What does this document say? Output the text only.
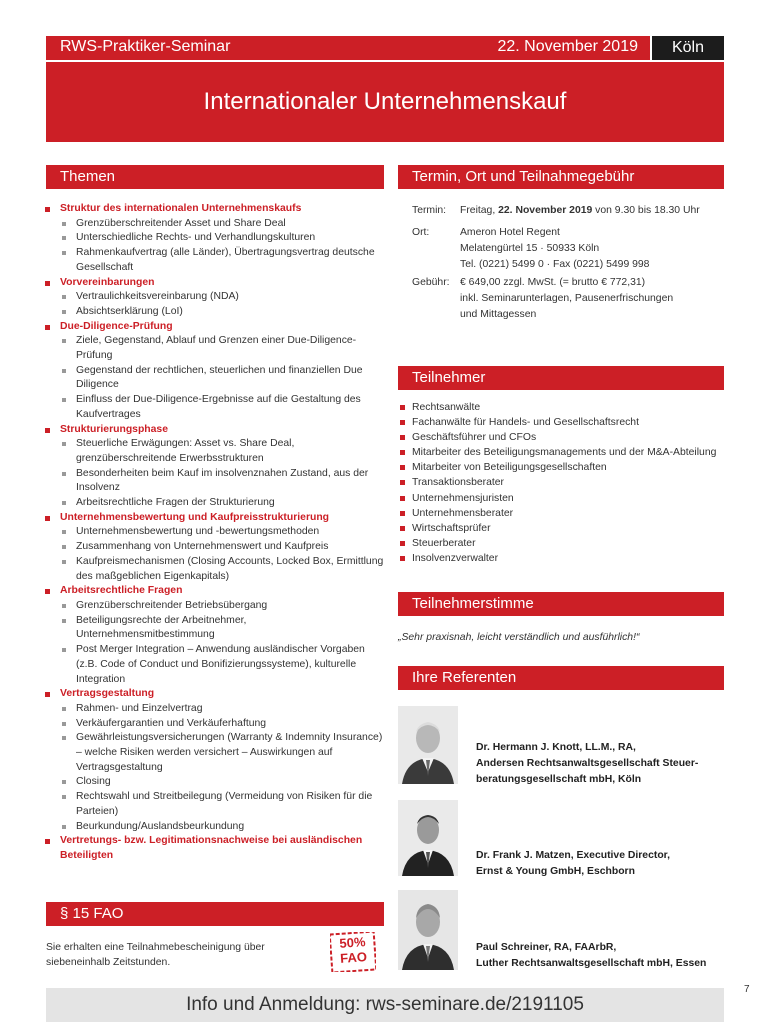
RWS-Praktiker-Seminar	22. November 2019	Köln
Internationaler Unternehmenskauf
Themen
Struktur des internationalen Unternehmenskaufs
Grenzüberschreitender Asset und Share Deal
Unterschiedliche Rechts- und Verhandlungskulturen
Rahmenkaufvertrag (alle Länder), Übertragungsvertrag deutsche Gesellschaft
Vorvereinbarungen
Vertraulichkeitsvereinbarung (NDA)
Absichtserklärung (LoI)
Due-Diligence-Prüfung
Ziele, Gegenstand, Ablauf und Grenzen einer Due-Diligence-Prüfung
Gegenstand der rechtlichen, steuerlichen und finanziellen Due Diligence
Einfluss der Due-Diligence-Ergebnisse auf die Gestaltung des Kaufvertrages
Strukturierungsphase
Steuerliche Erwägungen: Asset vs. Share Deal, grenzüberschreitende Erwerbsstrukturen
Besonderheiten beim Kauf im insolvenznahen Zustand, aus der Insolvenz
Arbeitsrechtliche Fragen der Strukturierung
Unternehmensbewertung und Kaufpreisstrukturierung
Unternehmensbewertung und -bewertungsmethoden
Zusammenhang von Unternehmenswert und Kaufpreis
Kaufpreismechanismen (Closing Accounts, Locked Box, Ermittlung des maßgeblichen Eigenkapitals)
Arbeitsrechtliche Fragen
Grenzüberschreitender Betriebsübergang
Beteiligungsrechte der Arbeitnehmer, Unternehmensmitbestimmung
Post Merger Integration – Anwendung ausländischer Vorgaben (z.B. Code of Conduct und Bonifizierungssysteme), kulturelle Integration
Vertragsgestaltung
Rahmen- und Einzelvertrag
Verkäufergarantien und Verkäuferhaftung
Gewährleistungsversicherungen (Warranty & Indemnity Insurance) – welche Risiken werden versichert – Auswirkungen auf Vertragsgestaltung
Closing
Rechtswahl und Streitbeilegung (Vermeidung von Risiken für die Parteien)
Beurkundung/Auslandsbeurkundung
Vertretungs- bzw. Legitimationsnachweise bei ausländischen Beteiligten
Termin, Ort und Teilnahmegebühr
Termin: Freitag, 22. November 2019 von 9.30 bis 18.30 Uhr
Ort:	Ameron Hotel Regent
Melatengürtel 15 · 50933 Köln
Tel. (0221) 5499 0 · Fax (0221) 5499 998
Gebühr: € 649,00 zzgl. MwSt. (= brutto € 772,31)
inkl. Seminarunterlagen, Pausenerfrischungen
und Mittagessen
Teilnehmer
Rechtsanwälte
Fachanwälte für Handels- und Gesellschaftsrecht
Geschäftsführer und CFOs
Mitarbeiter des Beteiligungsmanagements und der M&A-Abteilung
Mitarbeiter von Beteiligungsgesellschaften
Transaktionsberater
Unternehmensjuristen
Unternehmensberater
Wirtschaftsprüfer
Steuerberater
Insolvenzverwalter
Teilnehmerstimme
„Sehr praxisnah, leicht verständlich und ausführlich!“
Ihre Referenten
Dr. Hermann J. Knott, LL.M., RA,
Andersen Rechtsanwaltsgesellschaft Steuer-
beratungsgesellschaft mbH, Köln
Dr. Frank J. Matzen, Executive Director,
Ernst & Young GmbH, Eschborn
Paul Schreiner, RA, FAArbR,
Luther Rechtsanwaltsgesellschaft mbH, Essen
§ 15 FAO
Sie erhalten eine Teilnahmebescheinigung über siebeneinhalb Zeitstunden.
50%
FAO
Info und Anmeldung: rws-seminare.de/2191105
7
